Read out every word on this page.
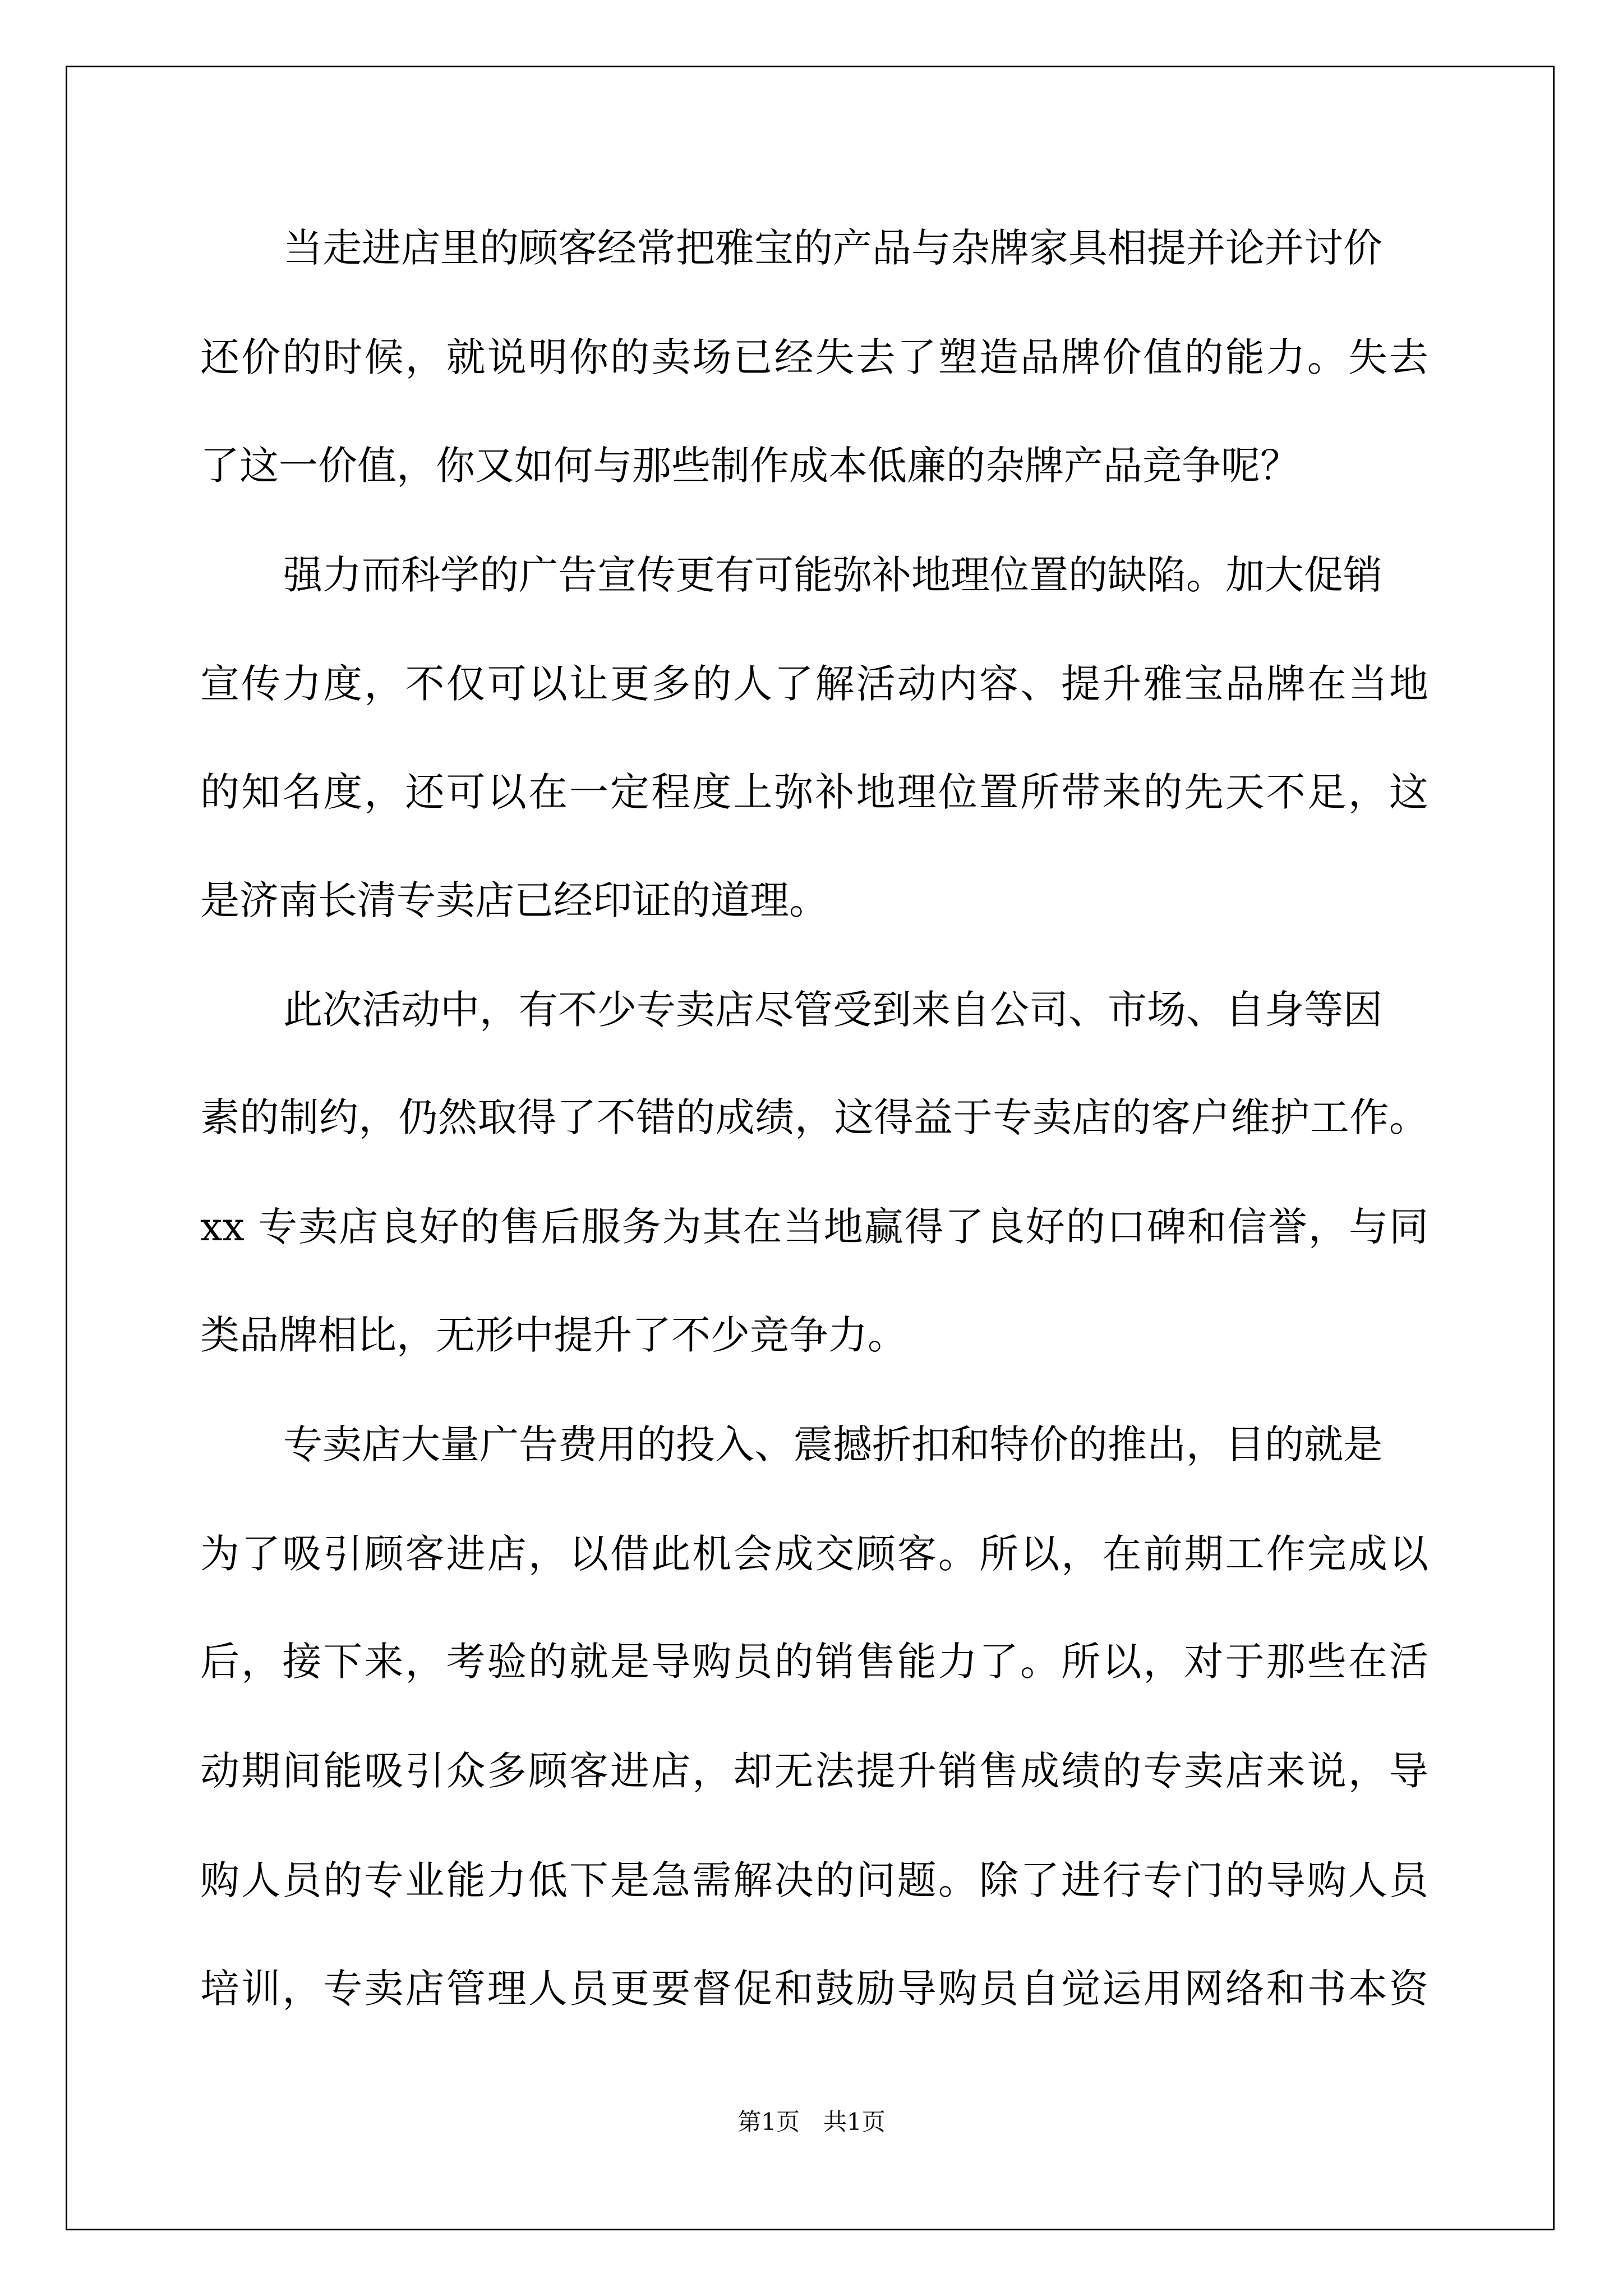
当走进店里的顾客经常把雅宝的产品与杂牌家具相提并论并讨价
还价的时候，就说明你的卖场已经失去了塑造品牌价值的能力。失去
了这一价值，你又如何与那些制作成本低廉的杂牌产品竞争呢？
强力而科学的广告宣传更有可能弥补地理位置的缺陷。加大促销
宣传力度，不仅可以让更多的人了解活动内容、提升雅宝品牌在当地
的知名度，还可以在一定程度上弥补地理位置所带来的先天不足，这
是济南长清专卖店已经印证的道理。
此次活动中，有不少专卖店尽管受到来自公司、市场、自身等因
素的制约，仍然取得了不错的成绩，这得益于专卖店的客户维护工作。
xx 专卖店良好的售后服务为其在当地赢得了良好的口碑和信誉，与同
类品牌相比，无形中提升了不少竞争力。
专卖店大量广告费用的投入、震撼折扣和特价的推出，目的就是
为了吸引顾客进店，以借此机会成交顾客。所以，在前期工作完成以
后，接下来，考验的就是导购员的销售能力了。所以，对于那些在活
动期间能吸引众多顾客进店，却无法提升销售成绩的专卖店来说，导
购人员的专业能力低下是急需解决的问题。除了进行专门的导购人员
培训，专卖店管理人员更要督促和鼓励导购员自觉运用网络和书本资
第1页　共1页
